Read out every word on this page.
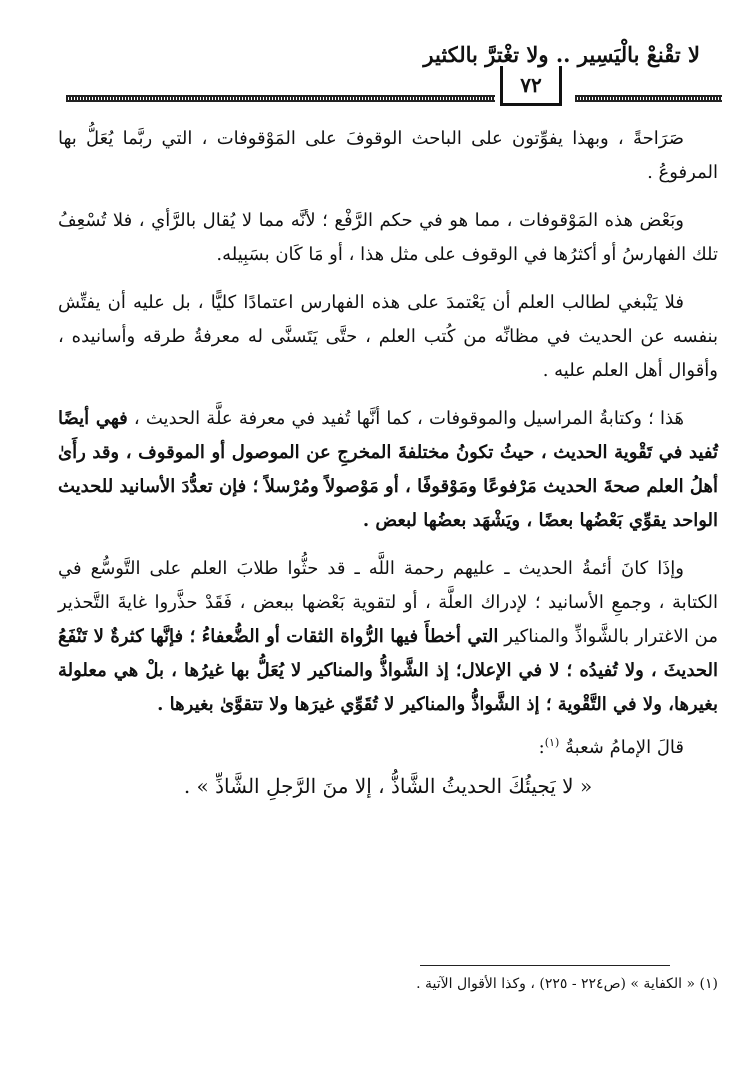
لا تقْنعْ بالْيَسِير .. ولا تغْترَّ بالكثير
٧٢

صَرَاحةً ، وبهذا يفوِّتون على الباحث الوقوفَ على المَوْقوفات ، التي ربَّما يُعَلُّ بها المرفوعُ .

وبَعْض هذه المَوْقوفات ، مما هو في حكم الرَّفْع ؛ لأنَّه مما لا يُقال بالرَّأي ، فلا تُسْعِفُ تلك الفهارسُ أو أكثرُها في الوقوف على مثل هذا ، أو مَا كَان بسَبِيله.

فلا يَنْبغي لطالب العلم أن يَعْتمدَ على هذه الفهارس اعتمادًا كليًّا ، بل عليه أن يفتِّش بنفسه عن الحديث في مظانِّه من كُتب العلم ، حتَّى يَتَسنَّى له معرفةُ طرقه وأسانيده ، وأقوال أهل العلم عليه .

هَذا ؛ وكتابةُ المراسيل والموقوفات ، كما أنَّها تُفيد في معرفة علَّة الحديث ، فهي أيضًا تُفيد في تَقْوية الحديث ، حيثُ تكونُ مختلفةَ المخرجِ عن الموصول أو الموقوف ، وقد رأَىٰ أهلُ العلم صحةَ الحديث مَرْفوعًا ومَوْقوفًا ، أو مَوْصولاً ومُرْسلاً ؛ فإن تعدُّدَ الأسانيد للحديث الواحد يقوِّي بَعْضُها بعضًا ، ويَشْهَد بعضُها لبعض .

وإذَا كانَ أئمةُ الحديث ـ عليهم رحمة اللَّه ـ قد حثُّوا طلابَ العلم على التَّوسُّع في الكتابة ، وجمعِ الأسانيد ؛ لإدراك العلَّة ، أو لتقوية بَعْضها ببعض ، فَقَدْ حذَّروا غايةَ التَّحذير من الاغترار بالشَّواذِّ والمناكير التي أخطأَ فيها الرُّواة الثقات أو الضُّعفاءُ ؛ فإنَّها كثرةٌ لا تَنْفَعُ الحديثَ ، ولا تُفيدُه ؛ لا في الإعلال؛ إذ الشَّواذُّ والمناكير لا يُعَلُّ بها غيرُها ، بلْ هي معلولة بغيرها، ولا في التَّقْوية ؛ إذ الشَّواذُّ والمناكير لا تُقَوِّي غيرَها ولا تتقوَّىٰ بغيرها .

قالَ الإمامُ شعبةُ $^{(١)}$:

« لا يَجيئُكَ الحديثُ الشَّاذُّ ، إلا منَ الرَّجلِ الشَّاذِّ » .

(١) « الكفاية » (ص٢٢٤ - ٢٢٥) ، وكذا الأقوال الآتية .
